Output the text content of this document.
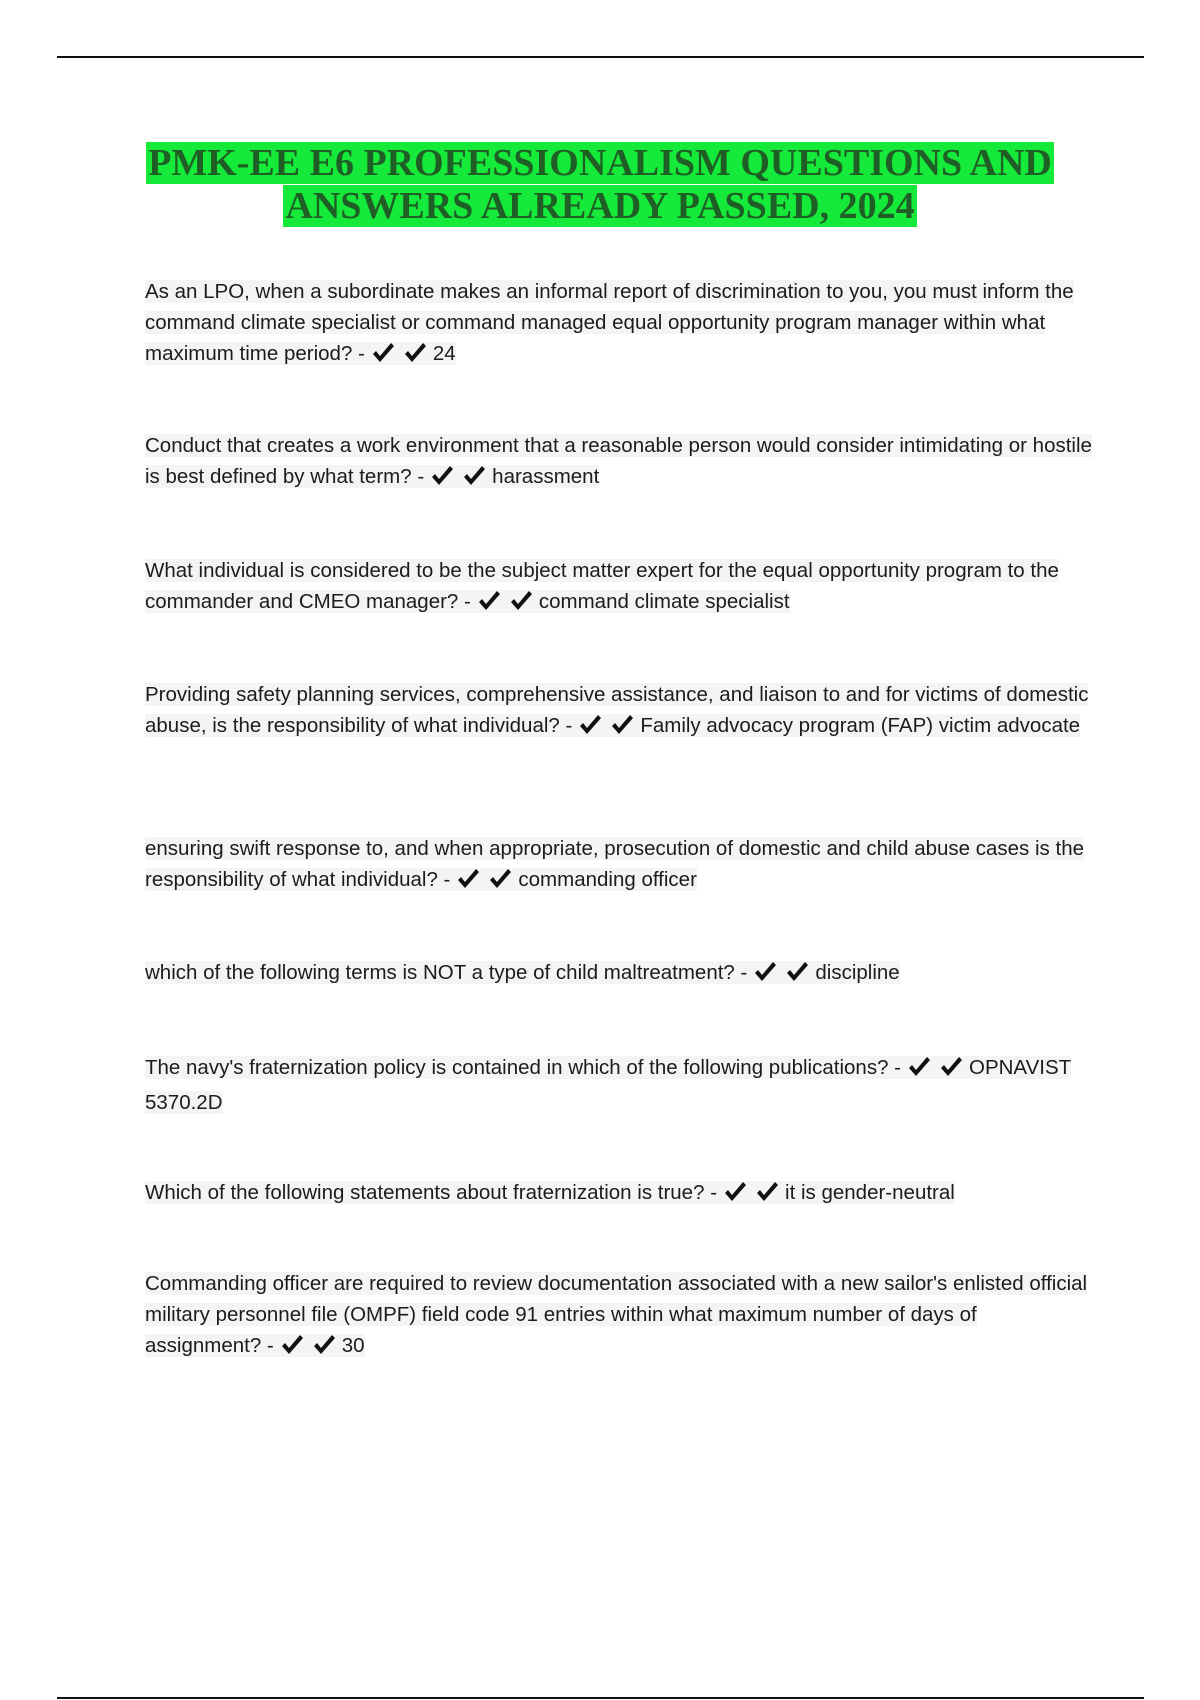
PMK-EE E6 PROFESSIONALISM QUESTIONS AND
ANSWERS ALREADY PASSED, 2024
As an LPO, when a subordinate makes an informal report of discrimination to you, you must inform the command climate specialist or command managed equal opportunity program manager within what maximum time period? -	24
Conduct that creates a work environment that a reasonable person would consider intimidating or hostile is best defined by what term? -	harassment
What individual is considered to be the subject matter expert for the equal opportunity program to the commander and CMEO manager? -	command climate specialist
Providing safety planning services, comprehensive assistance, and liaison to and for victims of domestic abuse, is the responsibility of what individual? -	Family advocacy program (FAP) victim advocate
ensuring swift response to, and when appropriate, prosecution of domestic and child abuse cases is the responsibility of what individual? -	commanding officer
which of the following terms is NOT a type of child maltreatment? -	discipline
The navy's fraternization policy is contained in which of the following publications? -	OPNAVIST 5370.2D
Which of the following statements about fraternization is true? -	it is gender-neutral
Commanding officer are required to review documentation associated with a new sailor's enlisted official military personnel file (OMPF) field code 91 entries within what maximum number of days of assignment? -	30
